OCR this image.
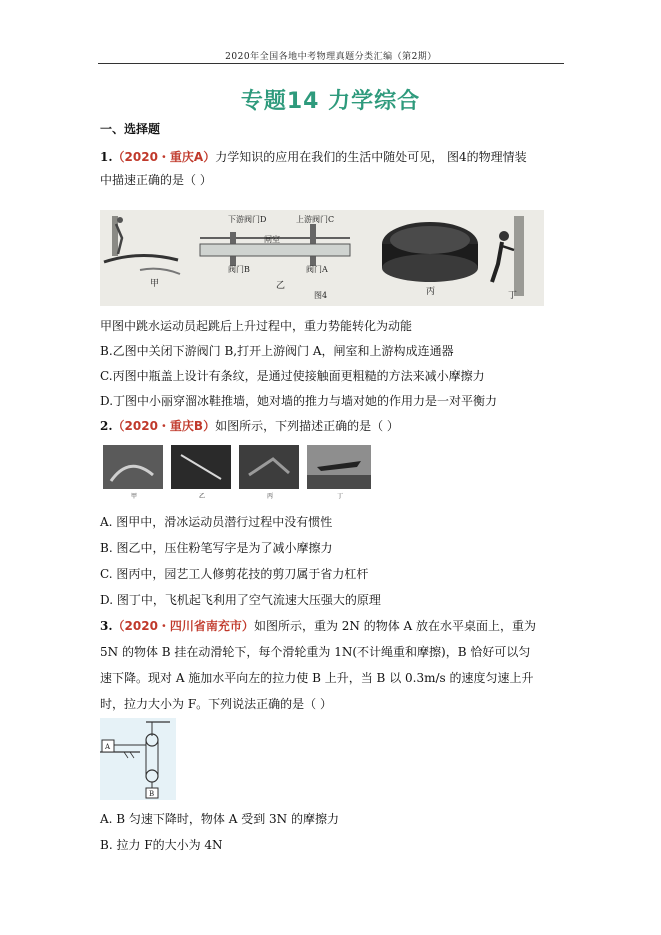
2020年全国各地中考物理真题分类汇编（第2期）
专题14 力学综合
一、选择题
1.（2020・重庆A）力学知识的应用在我们的生活中随处可见， 图4的物理情装
中描速正确的是（ ）
甲
下游阀门D	上游阀门C
闸室
阀门B	阀门A
乙
图4	丙	丁
甲图中跳水运动员起跳后上升过程中，重力势能转化为动能
B.乙图中关闭下游阀门 B,打开上游阀门 A，闸室和上游构成连通器
C.丙图中瓶盖上设计有条纹，是通过使接触面更粗糙的方法来减小摩擦力
D.丁图中小丽穿溜冰鞋推墙，她对墙的推力与墙对她的作用力是一对平衡力
2.（2020・重庆B）如图所示，下列描述正确的是（ ）
甲	乙	丙	丁
A. 图甲中，滑冰运动员潜行过程中没有惯性
B. 图乙中，压住粉笔写字是为了减小摩擦力
C. 图丙中，园艺工人修剪花技的剪刀属于省力杠杆
D. 图丁中，飞机起飞利用了空气流速大压强大的原理
3.（2020・四川省南充市）如图所示，重为 2N 的物体 A 放在水平桌面上，重为
5N 的物体 B 挂在动滑轮下，每个滑轮重为 1N(不计绳重和摩擦)，B 恰好可以匀
速下降。现对 A 施加水平向左的拉力使 B 上升，当 B 以 0.3m/s 的速度匀速上升
时，拉力大小为 F。下列说法正确的是（ ）
A
B
A. B 匀速下降时，物体 A 受到 3N 的摩擦力
B. 拉力 F的大小为 4N
